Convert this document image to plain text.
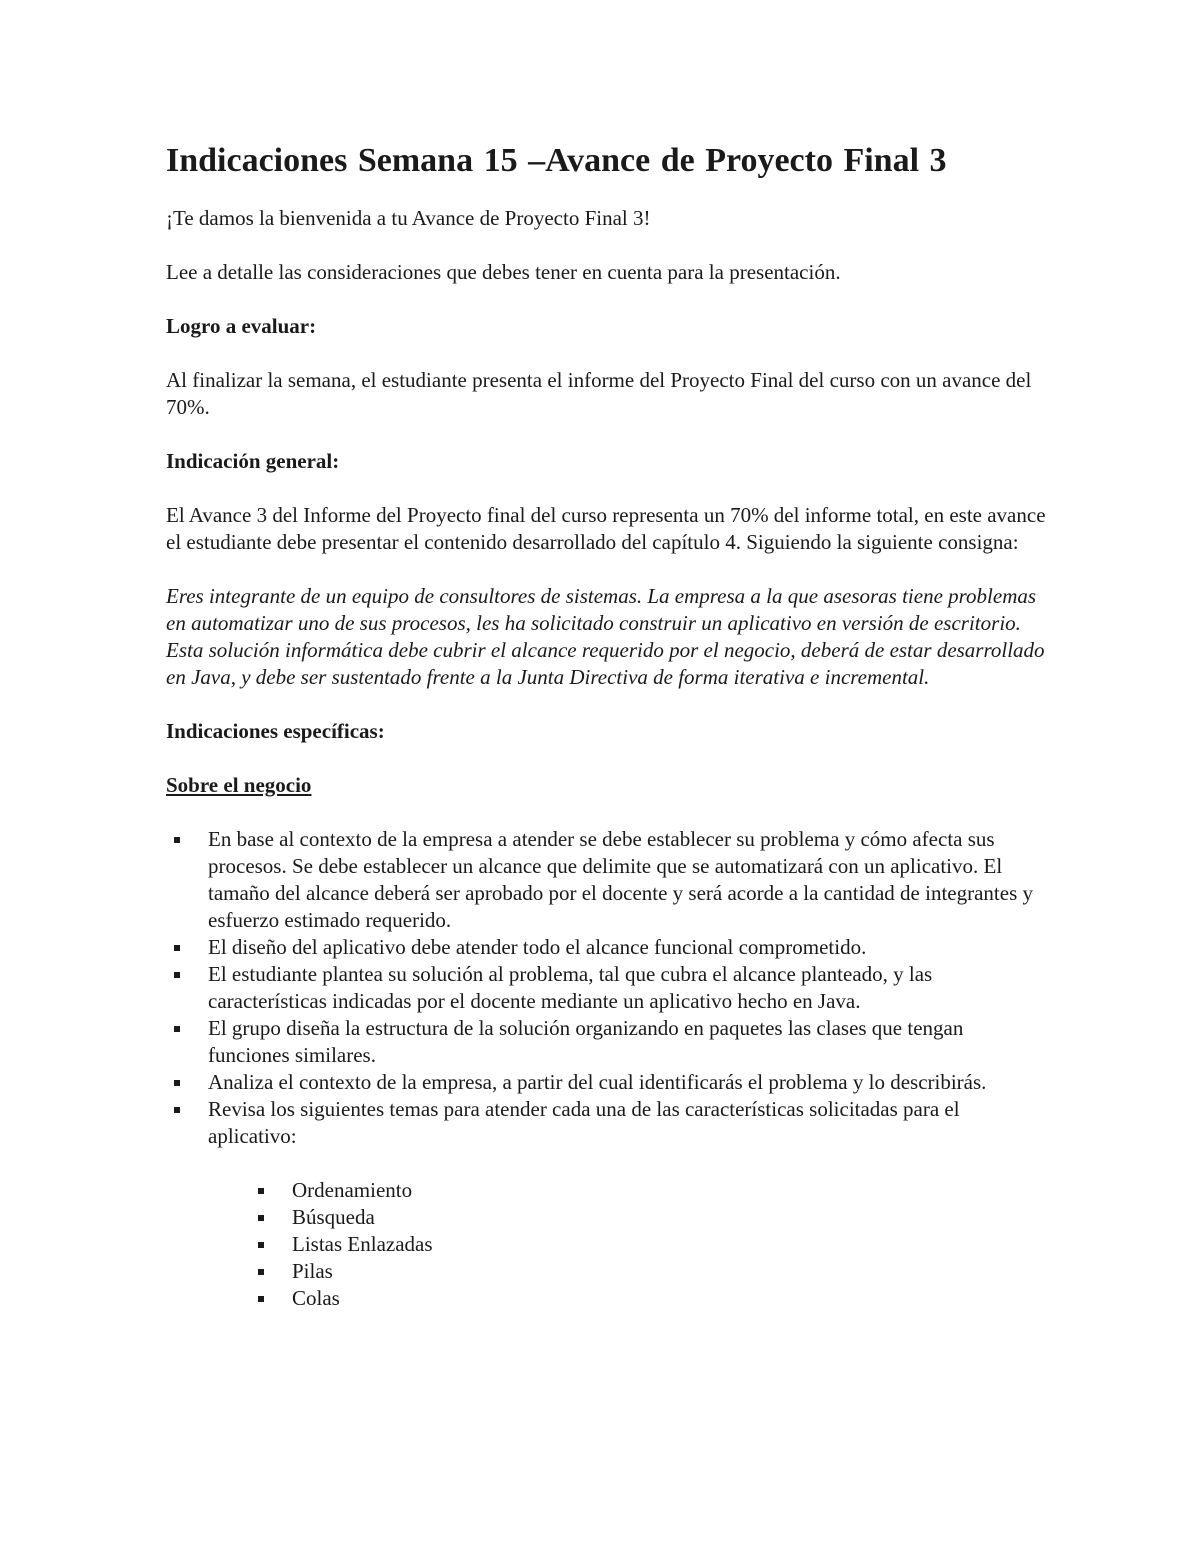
Indicaciones Semana 15 –Avance de Proyecto Final 3

¡Te damos la bienvenida a tu Avance de Proyecto Final 3!

Lee a detalle las consideraciones que debes tener en cuenta para la presentación.

Logro a evaluar:

Al finalizar la semana, el estudiante presenta el informe del Proyecto Final del curso con un avance del 70%.

Indicación general:

El Avance 3 del Informe del Proyecto final del curso representa un 70% del informe total, en este avance el estudiante debe presentar el contenido desarrollado del capítulo 4. Siguiendo la siguiente consigna:

Eres integrante de un equipo de consultores de sistemas. La empresa a la que asesoras tiene problemas en automatizar uno de sus procesos, les ha solicitado construir un aplicativo en versión de escritorio. Esta solución informática debe cubrir el alcance requerido por el negocio, deberá de estar desarrollado en Java, y debe ser sustentado frente a la Junta Directiva de forma iterativa e incremental.

Indicaciones específicas:
Sobre el negocio
En base al contexto de la empresa a atender se debe establecer su problema y cómo afecta sus procesos. Se debe establecer un alcance que delimite que se automatizará con un aplicativo. El tamaño del alcance deberá ser aprobado por el docente y será acorde a la cantidad de integrantes y esfuerzo estimado requerido.
El diseño del aplicativo debe atender todo el alcance funcional comprometido.
El estudiante plantea su solución al problema, tal que cubra el alcance planteado, y las características indicadas por el docente mediante un aplicativo hecho en Java.
El grupo diseña la estructura de la solución organizando en paquetes las clases que tengan funciones similares.
Analiza el contexto de la empresa, a partir del cual identificarás el problema y lo describirás.
Revisa los siguientes temas para atender cada una de las características solicitadas para el aplicativo:
Ordenamiento
Búsqueda
Listas Enlazadas
Pilas
Colas
